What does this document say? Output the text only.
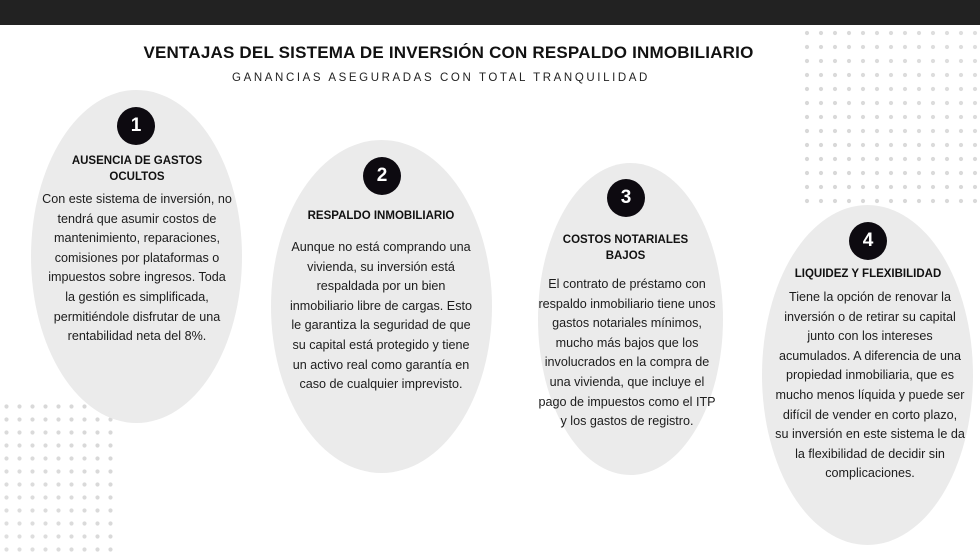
VENTAJAS DEL SISTEMA DE INVERSIÓN CON RESPALDO INMOBILIARIO
GANANCIAS ASEGURADAS CON TOTAL TRANQUILIDAD
1
AUSENCIA DE GASTOS OCULTOS
Con este sistema de inversión, no tendrá que asumir costos de mantenimiento, reparaciones, comisiones por plataformas o impuestos sobre ingresos. Toda la gestión es simplificada, permitiéndole disfrutar de una rentabilidad neta del 8%.
2
RESPALDO INMOBILIARIO
Aunque no está comprando una vivienda, su inversión está respaldada por un bien inmobiliario libre de cargas. Esto le garantiza la seguridad de que su capital está protegido y tiene un activo real como garantía en caso de cualquier imprevisto.
3
COSTOS NOTARIALES BAJOS
El contrato de préstamo con respaldo inmobiliario tiene unos gastos notariales mínimos, mucho más bajos que los involucrados en la compra de una vivienda, que incluye el pago de impuestos como el ITP y los gastos de registro.
4
LIQUIDEZ Y FLEXIBILIDAD
Tiene la opción de renovar la inversión o de retirar su capital junto con los intereses acumulados. A diferencia de una propiedad inmobiliaria, que es mucho menos líquida y puede ser difícil de vender en corto plazo, su inversión en este sistema le da la flexibilidad de decidir sin complicaciones.
